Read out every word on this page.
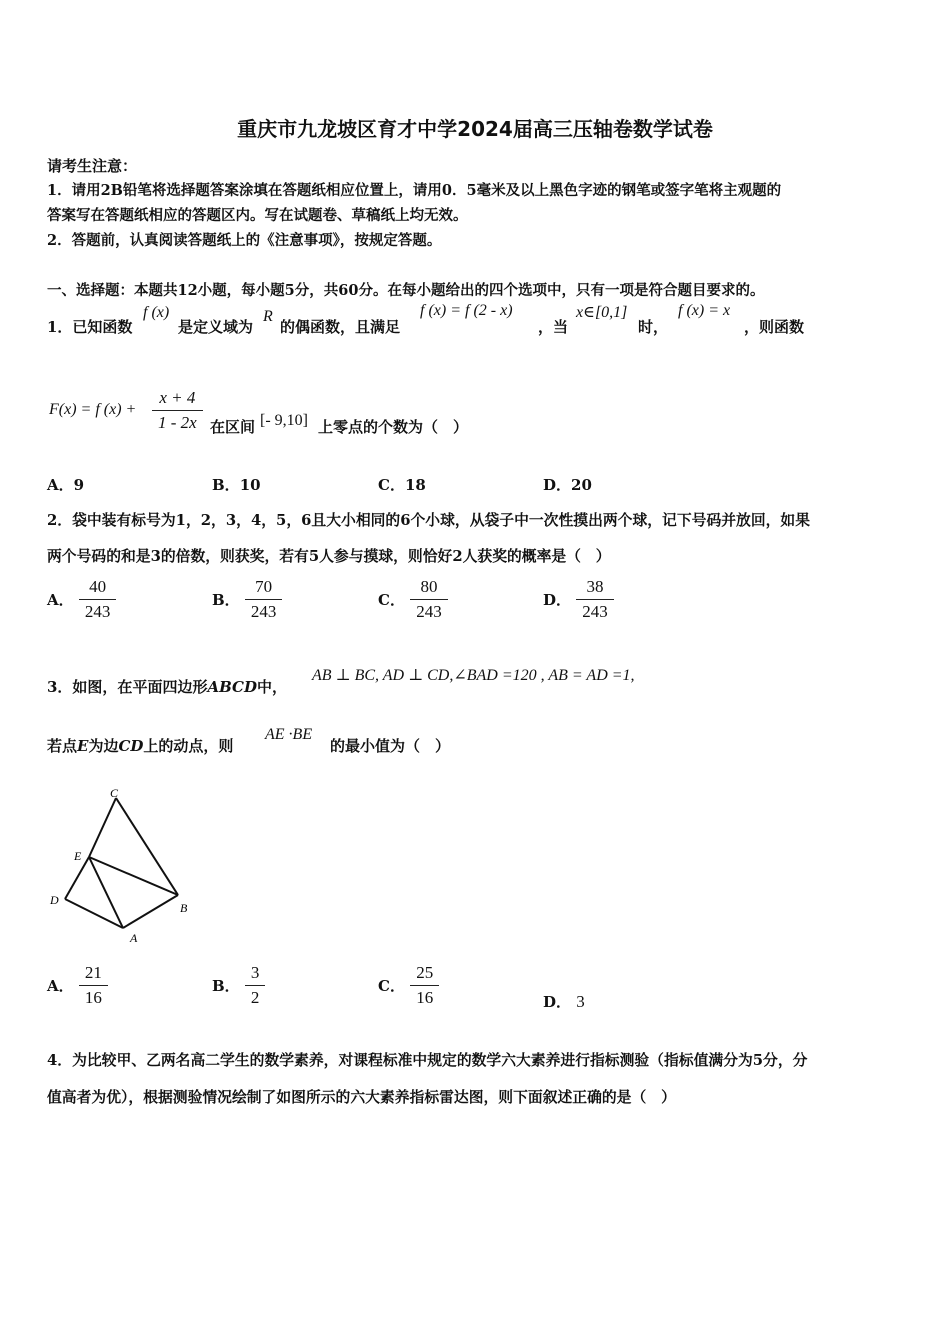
重庆市九龙坡区育才中学2024届高三压轴卷数学试卷
请考生注意：
1．请用2B铅笔将选择题答案涂填在答题纸相应位置上，请用0．5毫米及以上黑色字迹的钢笔或签字笔将主观题的
答案写在答题纸相应的答题区内。写在试题卷、草稿纸上均无效。
2．答题前，认真阅读答题纸上的《注意事项》，按规定答题。
一、选择题：本题共12小题，每小题5分，共60分。在每小题给出的四个选项中，只有一项是符合题目要求的。
1．已知函数
f (x)
是定义域为
R
的偶函数，且满足
f (x) = f (2 - x)
，当
x∈[0,1]
时，
f (x) = x
，则函数
F(x) = f $(x) + \frac{x + 4}{1 - 2x}$ 在区间 [- 9,10] 上零点的个数为（　）
A．9	B．10	C．18	D．20
2．袋中装有标号为1，2，3，4，5，6且大小相同的6个小球，从袋子中一次性摸出两个球，记下号码并放回，如果
两个号码的和是3的倍数，则获奖，若有5人参与摸球，则恰好2人获奖的概率是（　）
A． $\frac{40}{243}$	B． $\frac{70}{243}$	C． $\frac{80}{243}$	D． $\frac{38}{243}$
3．如图，在平面四边形ABCD中，
AB ⊥ BC, AD ⊥ CD,∠BAD =120 , AB = AD =1,
若点E为边CD上的动点，则
AE ·BE
的最小值为（　）
C
E
D
B
A
A． $\frac{21}{16}$	B． $\frac{3}{2}$	C． $\frac{25}{16}$	D． 3
4．为比较甲、乙两名高二学生的数学素养，对课程标准中规定的数学六大素养进行指标测验（指标值满分为5分，分
值高者为优），根据测验情况绘制了如图所示的六大素养指标雷达图，则下面叙述正确的是（　）
